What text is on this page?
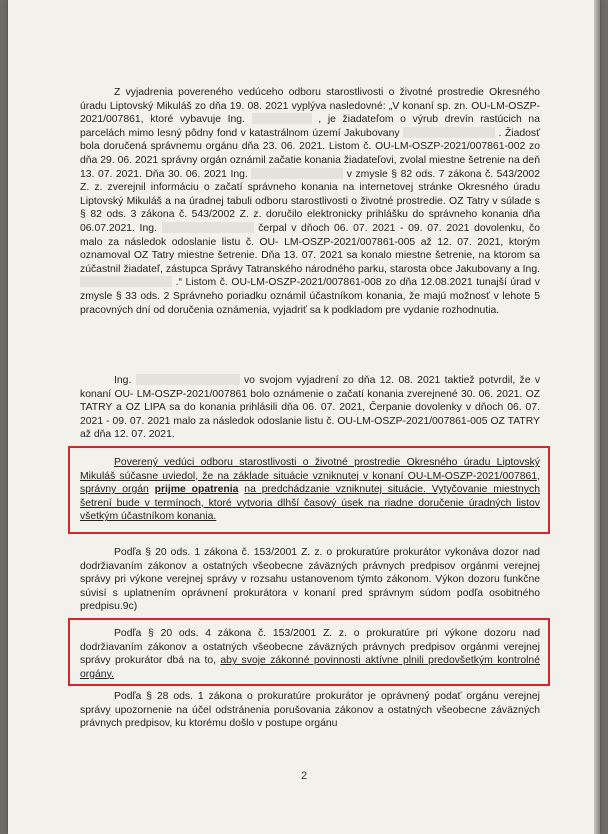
Z vyjadrenia povereného vedúceho odboru starostlivosti o životné prostredie Okresného úradu Liptovský Mikuláš zo dňa 19. 08. 2021 vyplýva nasledovné: „V konaní sp. zn. OU-LM-OSZP-2021/007861, ktoré vybavuje Ing.	, je žiadateľom o výrub drevín rastúcich na parcelách mimo lesný pôdny fond v katastrálnom území Jakubovany	. Žiadosť bola doručená správnemu orgánu dňa 23. 06. 2021. Listom č. OU-LM-OSZP-2021/007861-002 zo dňa 29. 06. 2021 správny orgán oznámil začatie konania žiadateľovi, zvolal miestne šetrenie na deň 13. 07. 2021. Dňa 30. 06. 2021 Ing.	v zmysle § 82 ods. 7 zákona č. 543/2002 Z. z. zverejnil informáciu o začatí správneho konania na internetovej stránke Okresného úradu Liptovský Mikuláš a na úradnej tabuli odboru starostlivosti o životné prostredie. OZ Tatry v súlade s § 82 ods. 3 zákona č. 543/2002 Z. z. doručilo elektronicky prihlášku do správneho konania dňa 06.07.2021. Ing.	čerpal v dňoch 06. 07. 2021 - 09. 07. 2021 dovolenku, čo malo za následok odoslanie listu č. OU- LM-OSZP-2021/007861-005 až 12. 07. 2021, ktorým oznamoval OZ Tatry miestne šetrenie. Dňa 13. 07. 2021 sa konalo miestne šetrenie, na ktorom sa zúčastnil žiadateľ, zástupca Správy Tatranského národného parku, starosta obce Jakubovany a Ing.  .“ Listom č. OU-LM-OSZP-2021/007861-008 zo dňa 12.08.2021 tunajší úrad v zmysle § 33 ods. 2 Správneho poriadku oznámil účastníkom konania, že majú možnosť v lehote 5 pracovných dní od doručenia oznámenia, vyjadriť sa k podkladom pre vydanie rozhodnutia.

Ing.	vo svojom vyjadrení zo dňa 12. 08. 2021 taktiež potvrdil, že v konaní OU- LM-OSZP-2021/007861 bolo oznámenie o začatí konania zverejnené 30. 06. 2021. OZ TATRY a OZ LIPA sa do konania prihlásili dňa 06. 07. 2021, Čerpanie dovolenky v dňoch 06. 07. 2021 - 09. 07. 2021 malo za následok odoslanie listu č. OU-LM-OSZP-2021/007861-005 OZ TATRY až dňa 12. 07. 2021.

Poverený vedúci odboru starostlivosti o životné prostredie Okresného úradu Liptovský Mikuláš súčasne uviedol, že na základe situácie vzniknutej v konaní OU-LM-OSZP-2021/007861, správny orgán prijme opatrenia na predchádzanie vzniknutej situácie. Vytyčovanie miestnych šetrení bude v termínoch, ktoré vytvoria dlhší časový úsek na riadne doručenie úradných listov všetkým účastníkom konania.

Podľa § 20 ods. 1 zákona č. 153/2001 Z. z. o prokuratúre prokurátor vykonáva dozor nad dodržiavaním zákonov a ostatných všeobecne záväzných právnych predpisov orgánmi verejnej správy pri výkone verejnej správy v rozsahu ustanovenom týmto zákonom. Výkon dozoru funkčne súvisí s uplatnením oprávnení prokurátora v konaní pred správnym súdom podľa osobitného predpisu.9c)

Podľa § 20 ods. 4 zákona č. 153/2001 Z. z. o prokuratúre pri výkone dozoru nad dodržiavaním zákonov a ostatných všeobecne záväzných právnych predpisov orgánmi verejnej správy prokurátor dbá na to, aby svoje zákonné povinnosti aktívne plnili predovšetkým kontrolné orgány.

Podľa § 28 ods. 1 zákona o prokuratúre prokurátor je oprávnený podať orgánu verejnej správy upozornenie na účel odstránenia porušovania zákonov a ostatných všeobecne záväzných právnych predpisov, ku ktorému došlo v postupe orgánu

2
